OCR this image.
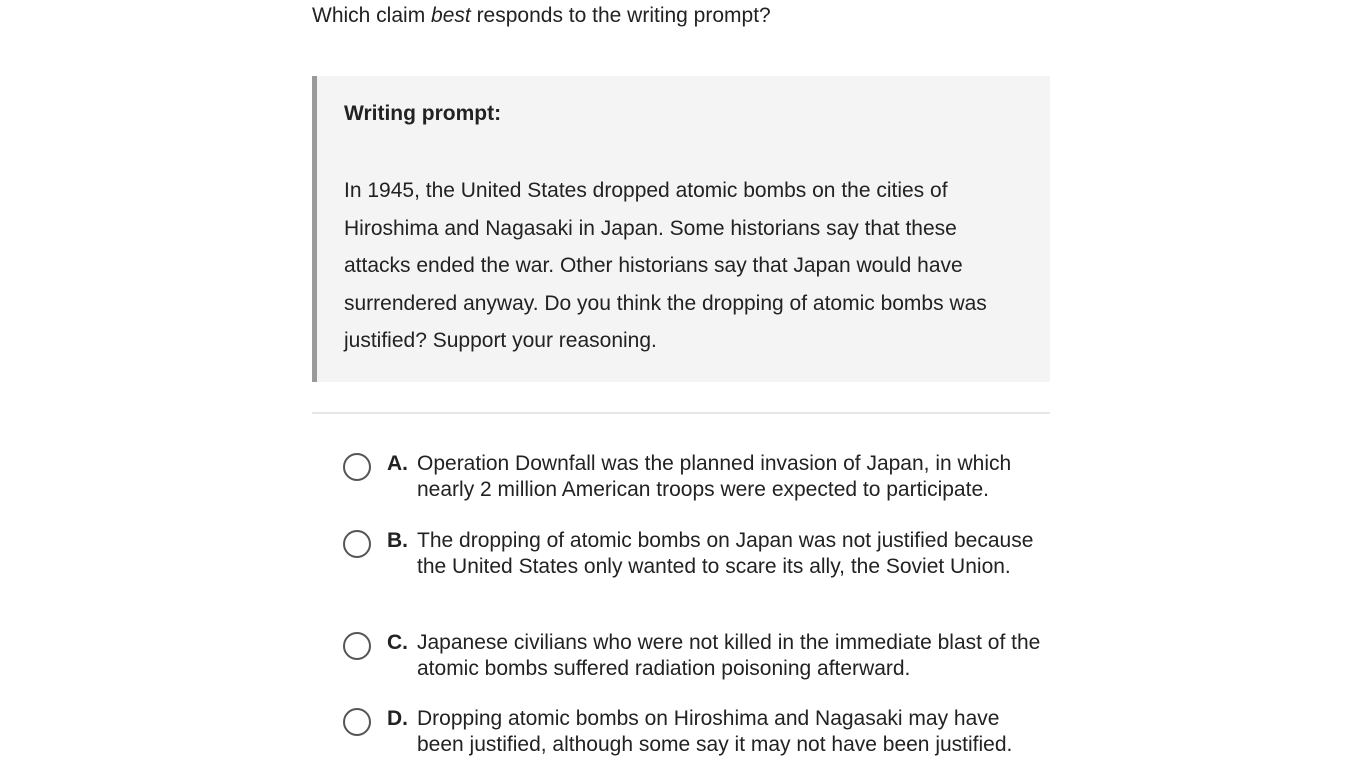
Which claim best responds to the writing prompt?
Writing prompt:
In 1945, the United States dropped atomic bombs on the cities of Hiroshima and Nagasaki in Japan. Some historians say that these attacks ended the war. Other historians say that Japan would have surrendered anyway. Do you think the dropping of atomic bombs was justified? Support your reasoning.
A. Operation Downfall was the planned invasion of Japan, in which nearly 2 million American troops were expected to participate.
B. The dropping of atomic bombs on Japan was not justified because the United States only wanted to scare its ally, the Soviet Union.
C. Japanese civilians who were not killed in the immediate blast of the atomic bombs suffered radiation poisoning afterward.
D. Dropping atomic bombs on Hiroshima and Nagasaki may have been justified, although some say it may not have been justified.
